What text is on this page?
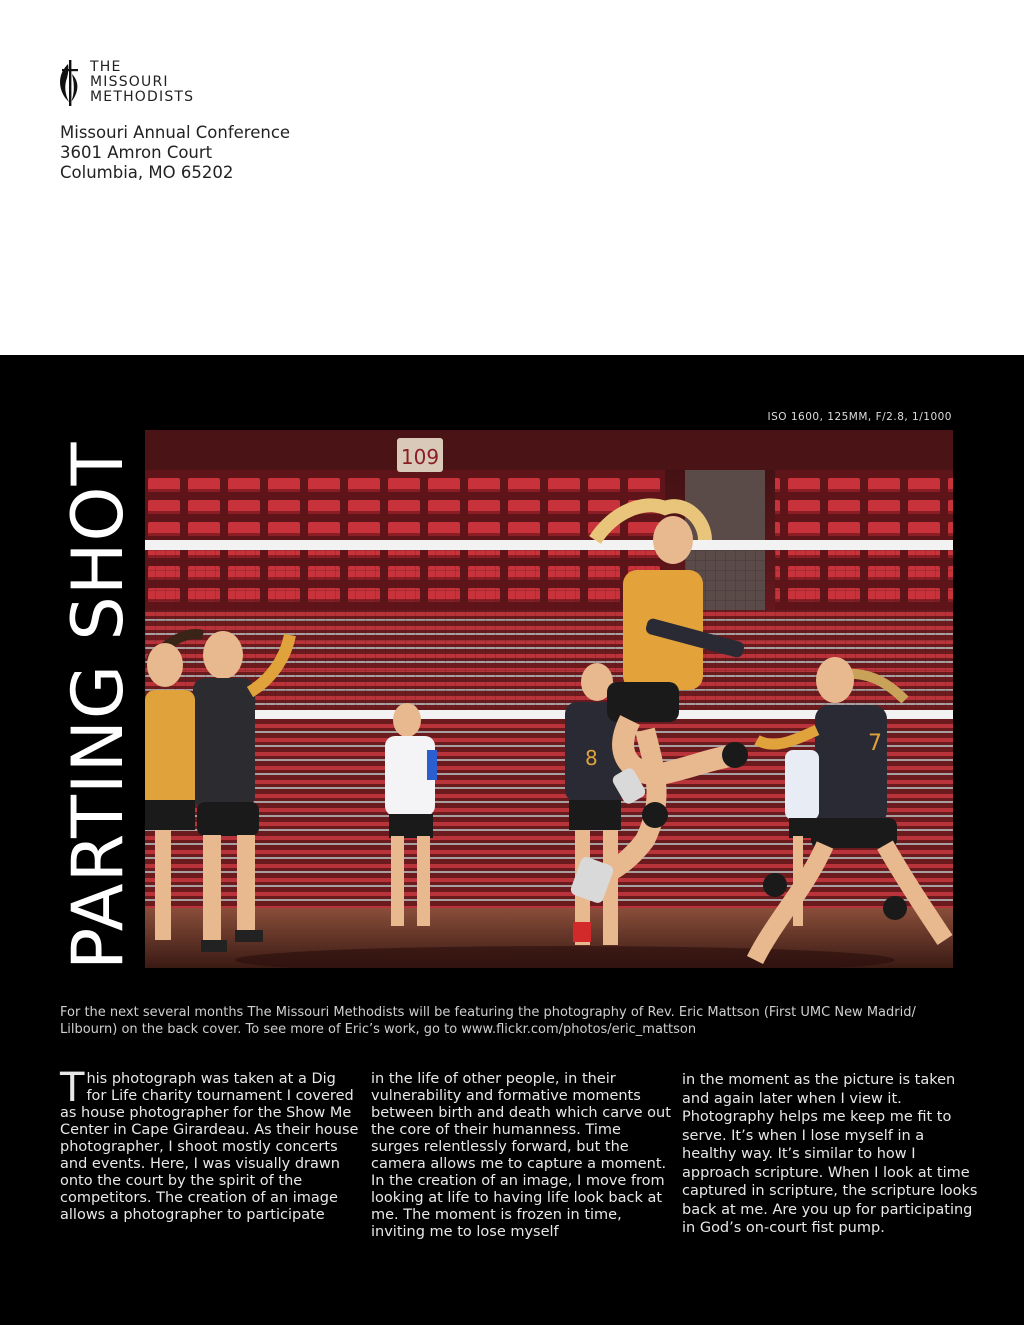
THE
MISSOURI
METHODISTS
Missouri Annual Conference
3601 Amron Court
Columbia, MO 65202
PARTING SHOT
ISO 1600, 125MM, F/2.8, 1/1000
109
8
7
For the next several months The Missouri Methodists will be featuring the photography of Rev. Eric Mattson (First UMC New Madrid/ Lilbourn) on the back cover. To see more of Eric’s work, go to www.flickr.com/photos/eric_mattson
This photograph was taken at a Dig for Life charity tournament I covered as house photographer for the Show Me Center in Cape Girardeau. As their house photographer, I shoot mostly concerts and events. Here, I was visually drawn onto the court by the spirit of the competitors. The creation of an image allows a photographer to participate
in the life of other people, in their vulnerability and formative moments between birth and death which carve out the core of their humanness. Time surges relentlessly forward, but the camera allows me to capture a moment. In the creation of an image, I move from looking at life to having life look back at me. The moment is frozen in time, inviting me to lose myself
in the moment as the picture is taken and again later when I view it. Photography helps me keep me fit to serve. It’s when I lose myself in a healthy way. It’s similar to how I approach scripture. When I look at time captured in scripture, the scripture looks back at me. Are you up for participating in God’s on-court fist pump.
